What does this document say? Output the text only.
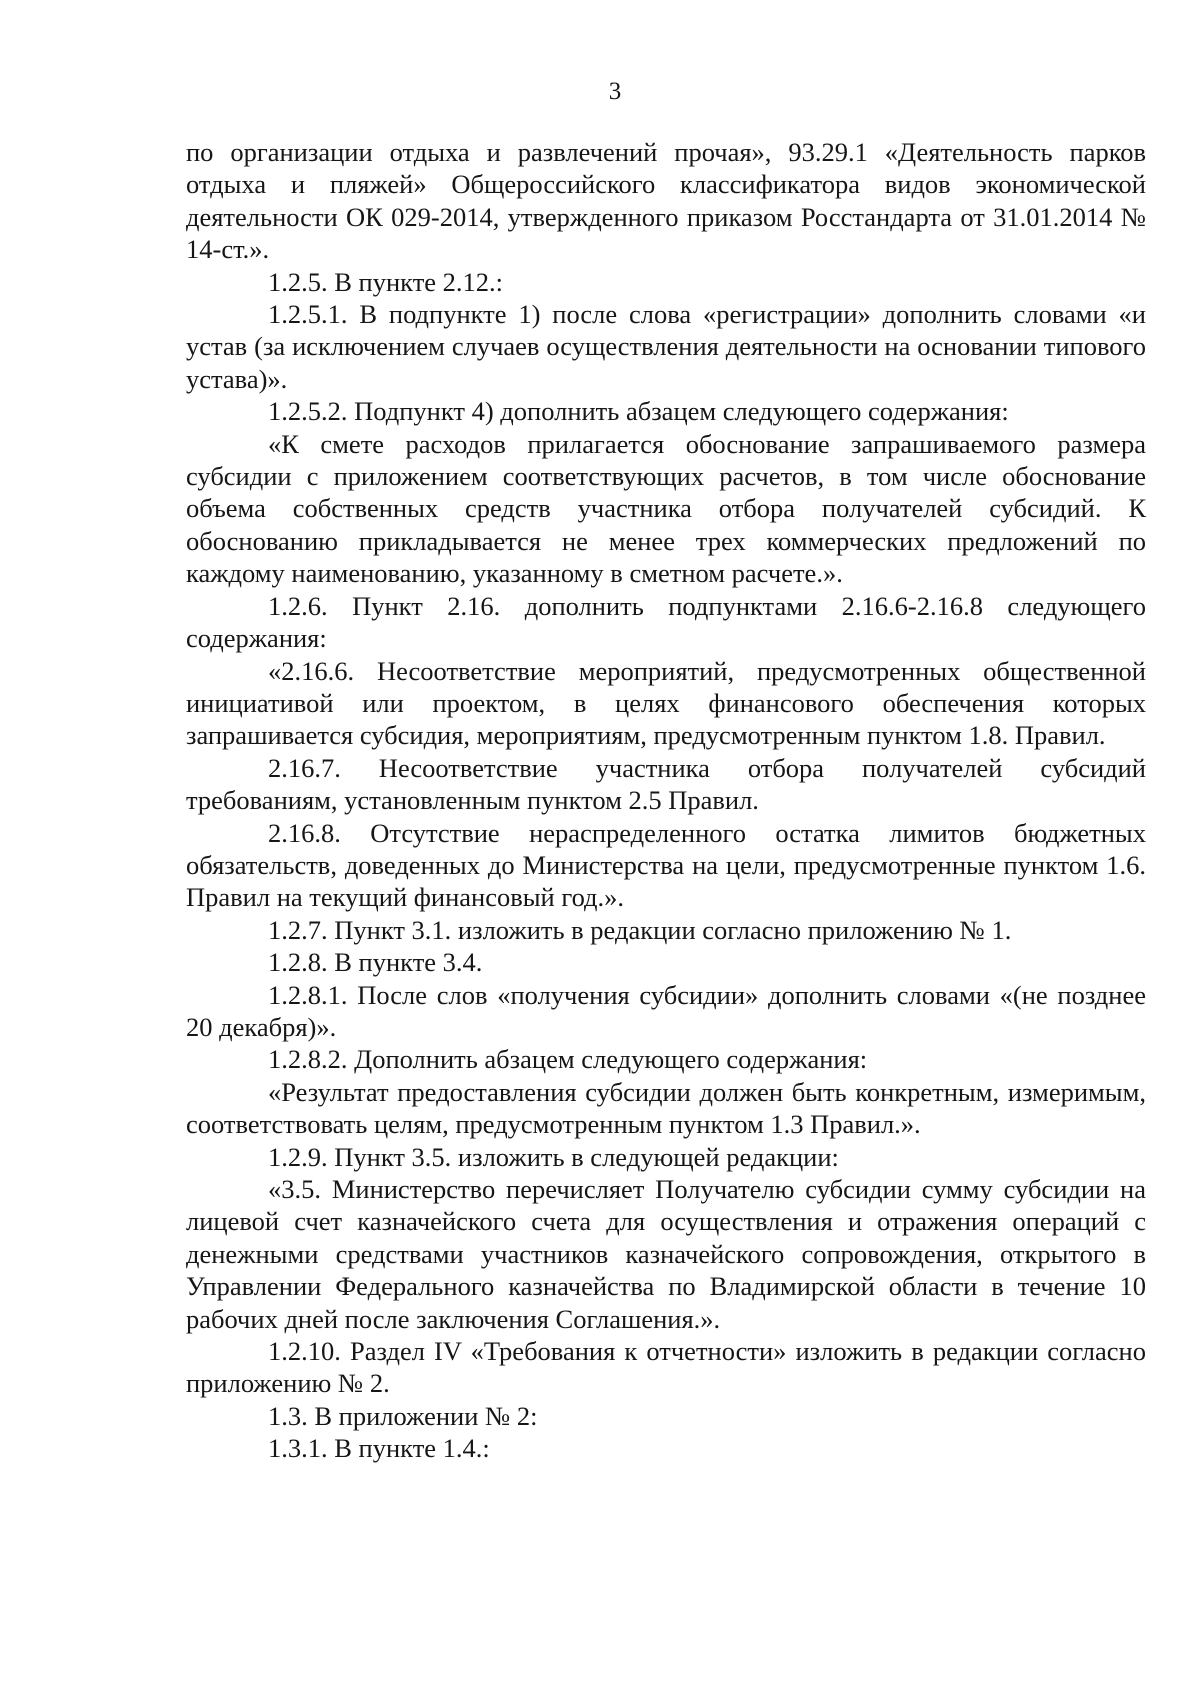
3

по организации отдыха и развлечений прочая», 93.29.1 «Деятельность парков отдыха и пляжей» Общероссийского классификатора видов экономической деятельности ОК 029-2014, утвержденного приказом Росстандарта от 31.01.2014 № 14-ст.».

1.2.5. В пункте 2.12.:

1.2.5.1. В подпункте 1) после слова «регистрации» дополнить словами «и устав (за исключением случаев осуществления деятельности на основании типового устава)».

1.2.5.2. Подпункт 4) дополнить абзацем следующего содержания:

«К смете расходов прилагается обоснование запрашиваемого размера субсидии с приложением соответствующих расчетов, в том числе обоснование объема собственных средств участника отбора получателей субсидий. К обоснованию прикладывается не менее трех коммерческих предложений по каждому наименованию, указанному в сметном расчете.».

1.2.6. Пункт 2.16. дополнить подпунктами 2.16.6-2.16.8 следующего содержания:

«2.16.6. Несоответствие мероприятий, предусмотренных общественной инициативой или проектом, в целях финансового обеспечения которых запрашивается субсидия, мероприятиям, предусмотренным пунктом 1.8. Правил.

2.16.7. Несоответствие участника отбора получателей субсидий требованиям, установленным пунктом 2.5 Правил.

2.16.8. Отсутствие нераспределенного остатка лимитов бюджетных обязательств, доведенных до Министерства на цели, предусмотренные пунктом 1.6. Правил на текущий финансовый год.».

1.2.7. Пункт 3.1. изложить в редакции согласно приложению № 1.

1.2.8. В пункте 3.4.

1.2.8.1. После слов «получения субсидии» дополнить словами «(не позднее 20 декабря)».

1.2.8.2. Дополнить абзацем следующего содержания:

«Результат предоставления субсидии должен быть конкретным, измеримым, соответствовать целям, предусмотренным пунктом 1.3 Правил.».

1.2.9. Пункт 3.5. изложить в следующей редакции:

«3.5. Министерство перечисляет Получателю субсидии сумму субсидии на лицевой счет казначейского счета для осуществления и отражения операций с денежными средствами участников казначейского сопровождения, открытого в Управлении Федерального казначейства по Владимирской области в течение 10 рабочих дней после заключения Соглашения.».

1.2.10. Раздел IV «Требования к отчетности» изложить в редакции согласно приложению № 2.

1.3. В приложении № 2:

1.3.1. В пункте 1.4.:
